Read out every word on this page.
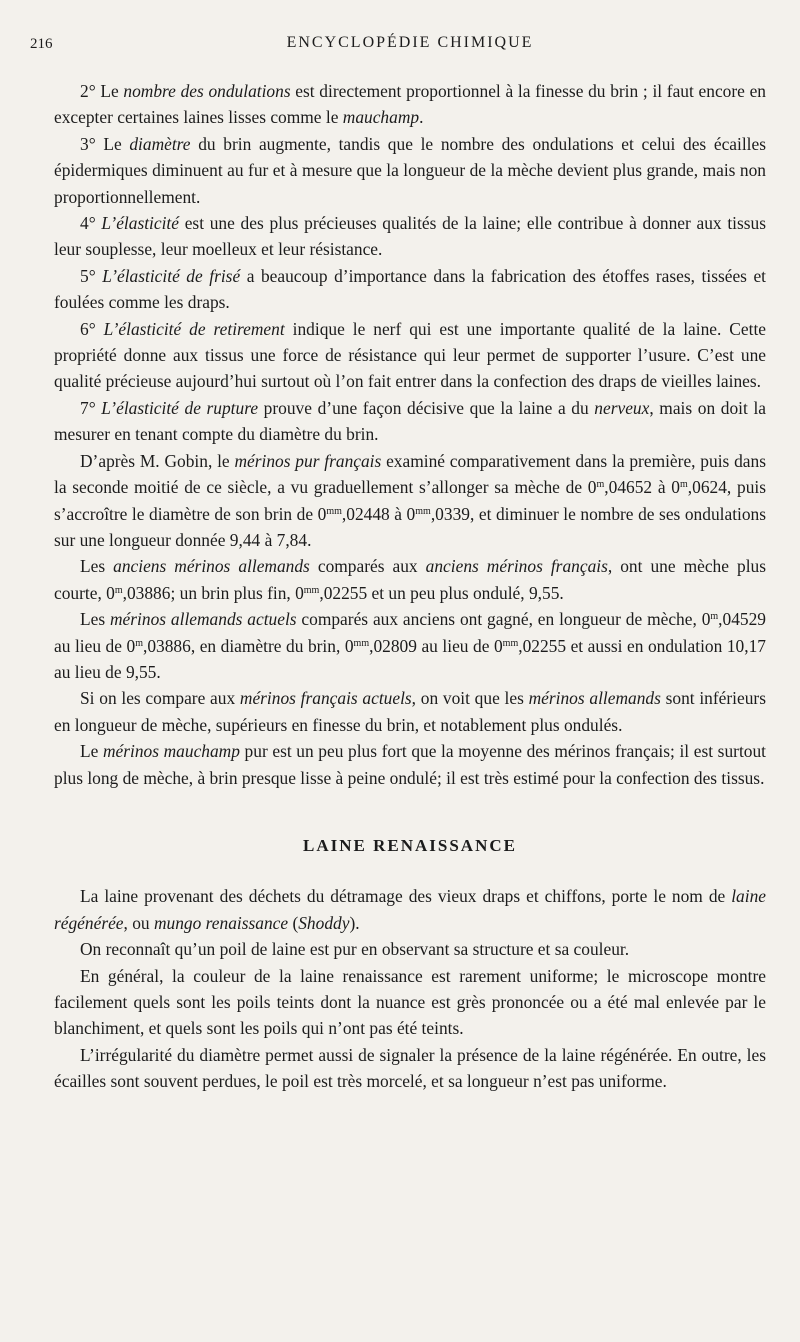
216	ENCYCLOPÉDIE CHIMIQUE

2° Le nombre des ondulations est directement proportionnel à la finesse du brin ; il faut encore en excepter certaines laines lisses comme le mauchamp.

3° Le diamètre du brin augmente, tandis que le nombre des ondulations et celui des écailles épidermiques diminuent au fur et à mesure que la longueur de la mèche devient plus grande, mais non proportionnellement.

4° L’élasticité est une des plus précieuses qualités de la laine; elle contribue à donner aux tissus leur souplesse, leur moelleux et leur résistance.

5° L’élasticité de frisé a beaucoup d’importance dans la fabrication des étoffes rases, tissées et foulées comme les draps.

6° L’élasticité de retirement indique le nerf qui est une importante qualité de la laine. Cette propriété donne aux tissus une force de résistance qui leur permet de supporter l’usure. C’est une qualité précieuse aujourd’hui surtout où l’on fait entrer dans la confection des draps de vieilles laines.

7° L’élasticité de rupture prouve d’une façon décisive que la laine a du nerveux, mais on doit la mesurer en tenant compte du diamètre du brin.

D’après M. Gobin, le mérinos pur français examiné comparativement dans la première, puis dans la seconde moitié de ce siècle, a vu graduellement s’allonger sa mèche de 0$^m$,04652 à 0$^m$,0624, puis s’accroître le diamètre de son brin de $0^{mm},02448$ à $0^{mm},0339$, et diminuer le nombre de ses ondulations sur une longueur donnée 9,44 à 7,84.

Les anciens mérinos allemands comparés aux anciens mérinos français, ont une mèche plus courte, 0$^m$,03886; un brin plus fin, $0^{mm},02255$ et un peu plus ondulé, 9,55.

Les mérinos allemands actuels comparés aux anciens ont gagné, en longueur de mèche, 0$^m$,04529 au lieu de 0$^m$,03886, en diamètre du brin, $0^{mm},02809$ au lieu de $0^{mm},02255$ et aussi en ondulation 10,17 au lieu de 9,55.

Si on les compare aux mérinos français actuels, on voit que les mérinos allemands sont inférieurs en longueur de mèche, supérieurs en finesse du brin, et notablement plus ondulés.

Le mérinos mauchamp pur est un peu plus fort que la moyenne des mérinos français; il est surtout plus long de mèche, à brin presque lisse à peine ondulé; il est très estimé pour la confection des tissus.

LAINE RENAISSANCE

La laine provenant des déchets du détramage des vieux draps et chiffons, porte le nom de laine régénérée, ou mungo renaissance (Shoddy).

On reconnaît qu’un poil de laine est pur en observant sa structure et sa couleur.

En général, la couleur de la laine renaissance est rarement uniforme; le microscope montre facilement quels sont les poils teints dont la nuance est grès prononcée ou a été mal enlevée par le blanchiment, et quels sont les poils qui n’ont pas été teints.

L’irrégularité du diamètre permet aussi de signaler la présence de la laine régénérée. En outre, les écailles sont souvent perdues, le poil est très morcelé, et sa longueur n’est pas uniforme.
